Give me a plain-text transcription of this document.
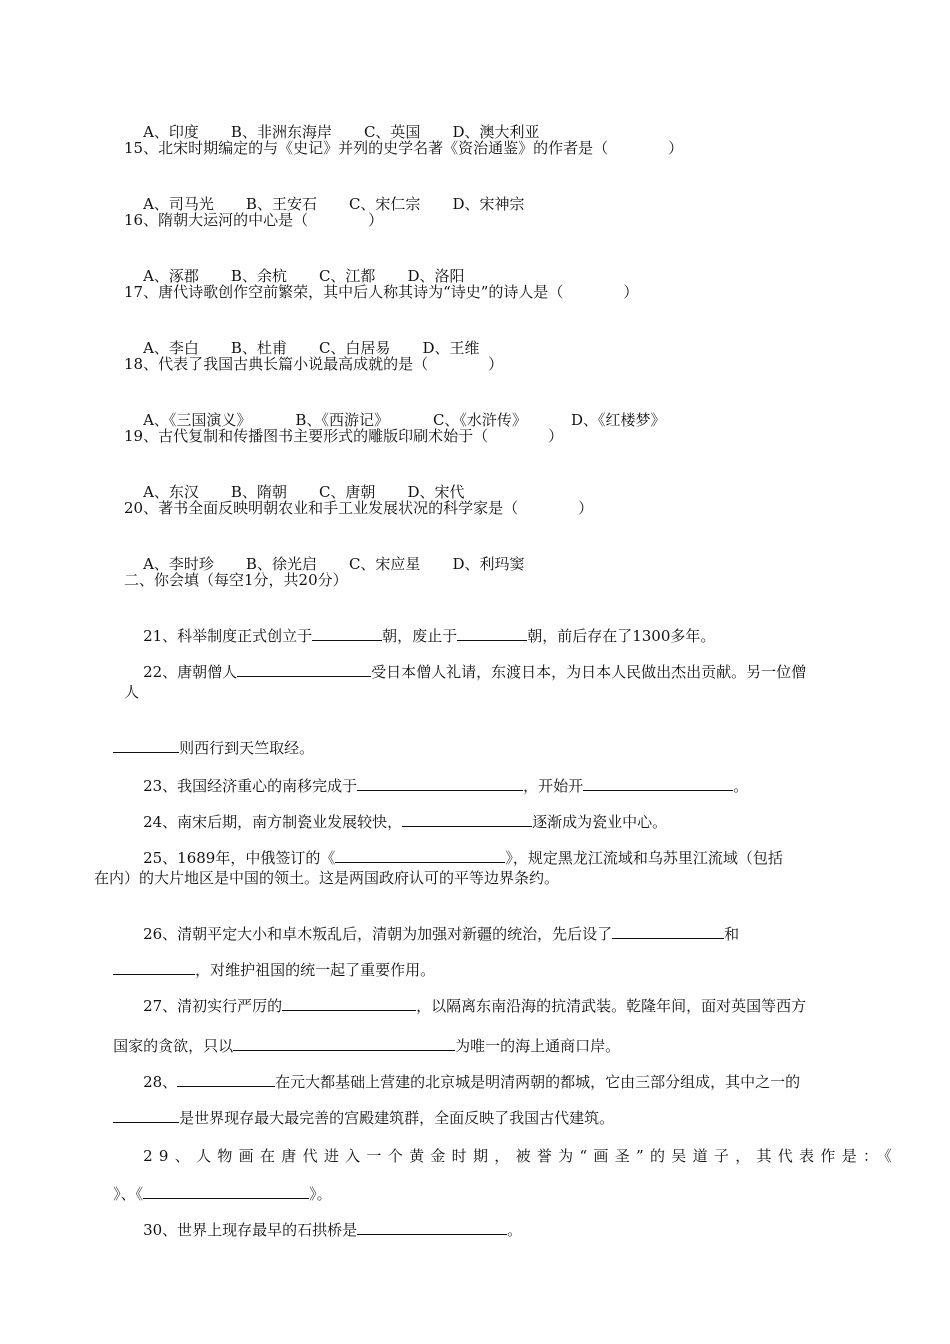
A、印度 B、非洲东海岸 C、英国 D、澳大利亚

15、北宋时期编定的与《史记》并列的史学名著《资治通鉴》的作者是（　　　　）

A、司马光 B、王安石 C、宋仁宗 D、宋神宗

16、隋朝大运河的中心是（　　　　）

A、涿郡 B、余杭 C、江都 D、洛阳

17、唐代诗歌创作空前繁荣，其中后人称其诗为“诗史”的诗人是（　　　　）

A、李白 B、杜甫 C、白居易 D、王维

18、代表了我国古典长篇小说最高成就的是（　　　　）

A、《三国演义》	B、《西游记》	C、《水浒传》	D、《红楼梦》

19、古代复制和传播图书主要形式的雕版印刷术始于（　　　　）

A、东汉 B、隋朝 C、唐朝 D、宋代

20、著书全面反映明朝农业和手工业发展状况的科学家是（　　　　）

A、李时珍 B、徐光启 C、宋应星 D、利玛窦

二、你会填（每空1分，共20分）

21、科举制度正式创立于	朝，废止于	朝，前后存在了1300多年。

22、唐朝僧人	受日本僧人礼请，东渡日本，为日本人民做出杰出贡献。另一位僧

人

则西行到天竺取经。

23、我国经济重心的南移完成于	，开始开	。

24、南宋后期，南方制瓷业发展较快，	逐渐成为瓷业中心。

25、1689年，中俄签订的《	》，规定黑龙江流域和乌苏里江流域（包括

在内）的大片地区是中国的领土。这是两国政府认可的平等边界条约。

26、清朝平定大小和卓木叛乱后，清朝为加强对新疆的统治，先后设了	和

，对维护祖国的统一起了重要作用。

27、清初实行严厉的	，以隔离东南沿海的抗清武装。乾隆年间，面对英国等西方

国家的贪欲，只以	为唯一的海上通商口岸。

28、	在元大都基础上营建的北京城是明清两朝的都城，它由三部分组成，其中之一的

是世界现存最大最完善的宫殿建筑群，全面反映了我国古代建筑。

29、人物画在唐代进入一个黄金时期，被誉为“画圣”的吴道子，其代表作是：《

》、《	》。

30、世界上现存最早的石拱桥是	。
